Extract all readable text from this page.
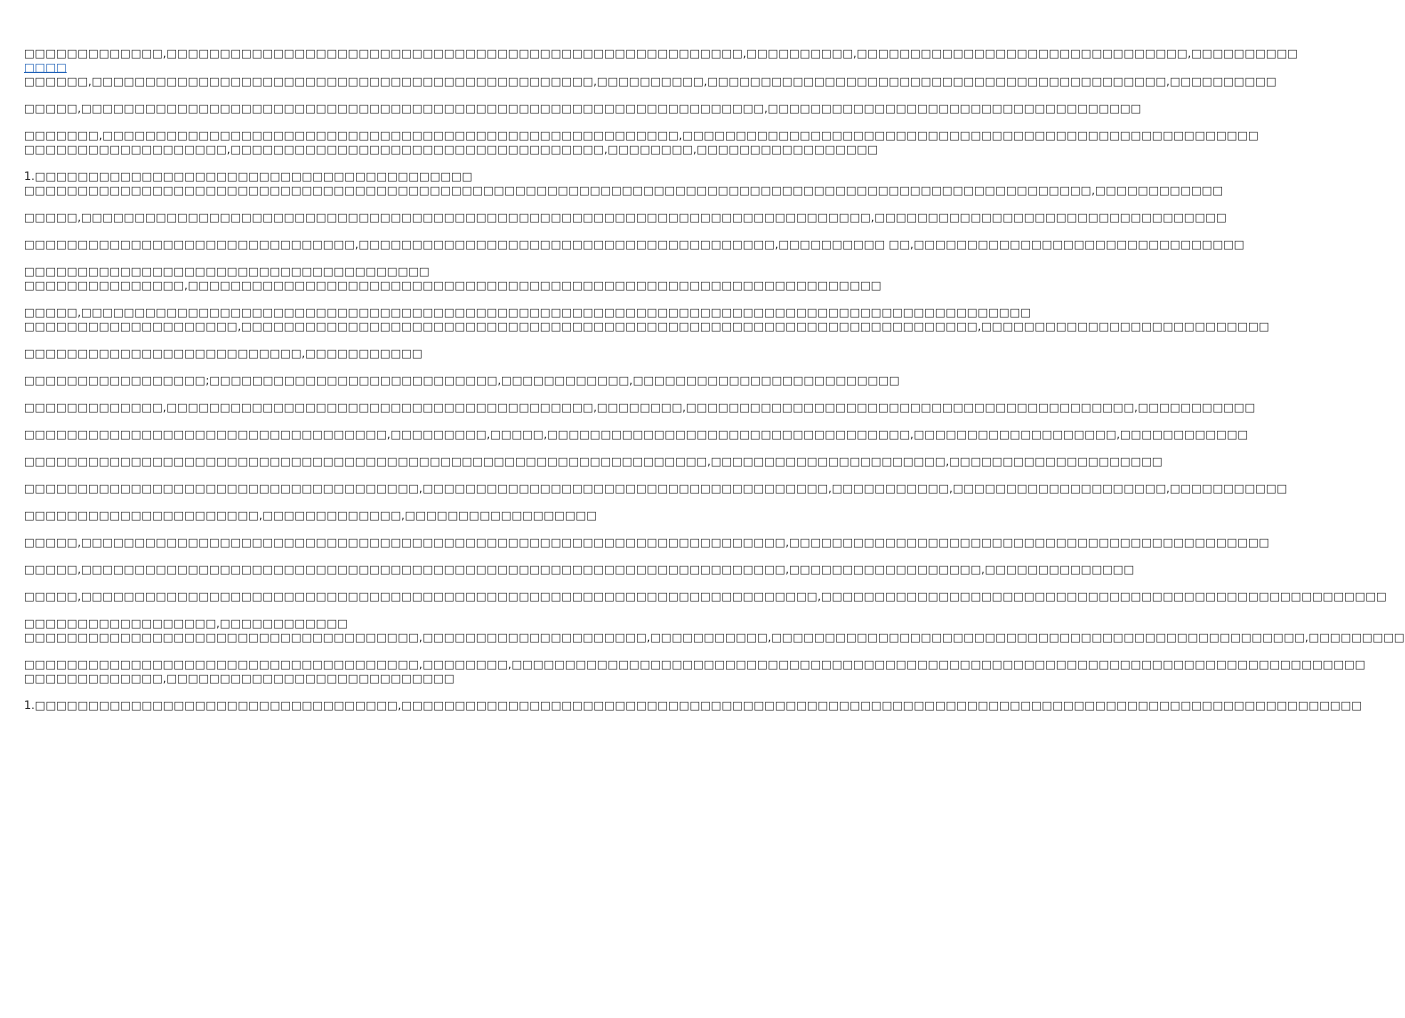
□□□□□□□□□□□□□,□□□□□□□□□□□□□□□□□□□□□□□□□□□□□□□□□□□□□□□□□□□□□□□□□□□□□□,□□□□□□□□□□,□□□□□□□□□□□□□□□□□□□□□□□□□□□□□□□,□□□□□□□□□□
□□□□
□□□□□□,□□□□□□□□□□□□□□□□□□□□□□□□□□□□□□□□□□□□□□□□□□□□□□□,□□□□□□□□□□,□□□□□□□□□□□□□□□□□□□□□□□□□□□□□□□□□□□□□□□□□□□,□□□□□□□□□□
□□□□□,□□□□□□□□□□□□□□□□□□□□□□□□□□□□□□□□□□□□□□□□□□□□□□□□□□□□□□□□□□□□□□□□,□□□□□□□□□□□□□□□□□□□□□□□□□□□□□□□□□□□
□□□□□□□,□□□□□□□□□□□□□□□□□□□□□□□□□□□□□□□□□□□□□□□□□□□□□□□□□□□□□□,□□□□□□□□□□□□□□□□□□□□□□□□□□□□□□□□□□□□□□□□□□□□□□□□□□□□□□
□□□□□□□□□□□□□□□□□□□,□□□□□□□□□□□□□□□□□□□□□□□□□□□□□□□□□□□,□□□□□□□□,□□□□□□□□□□□□□□□□□
1.□□□□□□□□□□□□□□□□□□□□□□□□□□□□□□□□□□□□□□□□□
□□□□□□□□□□□□□□□□□□□□□□□□□□□□□□□□□□□□□□□□□□□□□□□□□□□□□□□□□□□□□□□□□□□□□□□□□□□□□□□□□□□□□□□□□□□□□□□□□□□□,□□□□□□□□□□□□
□□□□□,□□□□□□□□□□□□□□□□□□□□□□□□□□□□□□□□□□□□□□□□□□□□□□□□□□□□□□□□□□□□□□□□□□□□□□□□□□,□□□□□□□□□□□□□□□□□□□□□□□□□□□□□□□□□
□□□□□□□□□□□□□□□□□□□□□□□□□□□□□□□,□□□□□□□□□□□□□□□□□□□□□□□□□□□□□□□□□□□□□□□,□□□□□□□□□□ □□,□□□□□□□□□□□□□□□□□□□□□□□□□□□□□□□
□□□□□□□□□□□□□□□□□□□□□□□□□□□□□□□□□□□□□□
□□□□□□□□□□□□□□□,□□□□□□□□□□□□□□□□□□□□□□□□□□□□□□□□□□□□□□□□□□□□□□□□□□□□□□□□□□□□□□□□□
□□□□□,□□□□□□□□□□□□□□□□□□□□□□□□□□□□□□□□□□□□□□□□□□□□□□□□□□□□□□□□□□□□□□□□□□□□□□□□□□□□□□□□□□□□□□□□□
□□□□□□□□□□□□□□□□□□□□,□□□□□□□□□□□□□□□□□□□□□□□□□□□□□□□□□□□□□□□□□□□□□□□□□□□□□□□□□□□□□□□□□□□□□,□□□□□□□□□□□□□□□□□□□□□□□□□□□
□□□□□□□□□□□□□□□□□□□□□□□□□□,□□□□□□□□□□□
□□□□□□□□□□□□□□□□□;□□□□□□□□□□□□□□□□□□□□□□□□□□□,□□□□□□□□□□□□,□□□□□□□□□□□□□□□□□□□□□□□□□
□□□□□□□□□□□□□,□□□□□□□□□□□□□□□□□□□□□□□□□□□□□□□□□□□□□□□□,□□□□□□□□,□□□□□□□□□□□□□□□□□□□□□□□□□□□□□□□□□□□□□□□□□□,□□□□□□□□□□□
□□□□□□□□□□□□□□□□□□□□□□□□□□□□□□□□□□,□□□□□□□□□,□□□□□,□□□□□□□□□□□□□□□□□□□□□□□□□□□□□□□□□□,□□□□□□□□□□□□□□□□□□□,□□□□□□□□□□□□
□□□□□□□□□□□□□□□□□□□□□□□□□□□□□□□□□□□□□□□□□□□□□□□□□□□□□□□□□□□□□□□□,□□□□□□□□□□□□□□□□□□□□□□,□□□□□□□□□□□□□□□□□□□□
□□□□□□□□□□□□□□□□□□□□□□□□□□□□□□□□□□□□□,□□□□□□□□□□□□□□□□□□□□□□□□□□□□□□□□□□□□□□,□□□□□□□□□□□,□□□□□□□□□□□□□□□□□□□□,□□□□□□□□□□□
□□□□□□□□□□□□□□□□□□□□□□,□□□□□□□□□□□□□,□□□□□□□□□□□□□□□□□□
□□□□□,□□□□□□□□□□□□□□□□□□□□□□□□□□□□□□□□□□□□□□□□□□□□□□□□□□□□□□□□□□□□□□□□□□,□□□□□□□□□□□□□□□□□□□□□□□□□□□□□□□□□□□□□□□□□□□□□
□□□□□,□□□□□□□□□□□□□□□□□□□□□□□□□□□□□□□□□□□□□□□□□□□□□□□□□□□□□□□□□□□□□□□□□□,□□□□□□□□□□□□□□□□□□,□□□□□□□□□□□□□□
□□□□□,□□□□□□□□□□□□□□□□□□□□□□□□□□□□□□□□□□□□□□□□□□□□□□□□□□□□□□□□□□□□□□□□□□□□□,□□□□□□□□□□□□□□□□□□□□□□□□□□□□□□□□□□□□□□□□□□□□□□□□□□□□□
□□□□□□□□□□□□□□□□□□,□□□□□□□□□□□□
□□□□□□□□□□□□□□□□□□□□□□□□□□□□□□□□□□□□□,□□□□□□□□□□□□□□□□□□□□□,□□□□□□□□□□□,□□□□□□□□□□□□□□□□□□□□□□□□□□□□□□□□□□□□□□□□□□□□□□□□□□,□□□□□□□□□
□□□□□□□□□□□□□□□□□□□□□□□□□□□□□□□□□□□□□,□□□□□□□□,□□□□□□□□□□□□□□□□□□□□□□□□□□□□□□□□□□□□□□□□□□□□□□□□□□□□□□□□□□□□□□□□□□□□□□□□□□□□□□□□
□□□□□□□□□□□□□,□□□□□□□□□□□□□□□□□□□□□□□□□□□
1.□□□□□□□□□□□□□□□□□□□□□□□□□□□□□□□□□□,□□□□□□□□□□□□□□□□□□□□□□□□□□□□□□□□□□□□□□□□□□□□□□□□□□□□□□□□□□□□□□□□□□□□□□□□□□□□□□□□□□□□□□□□□□
